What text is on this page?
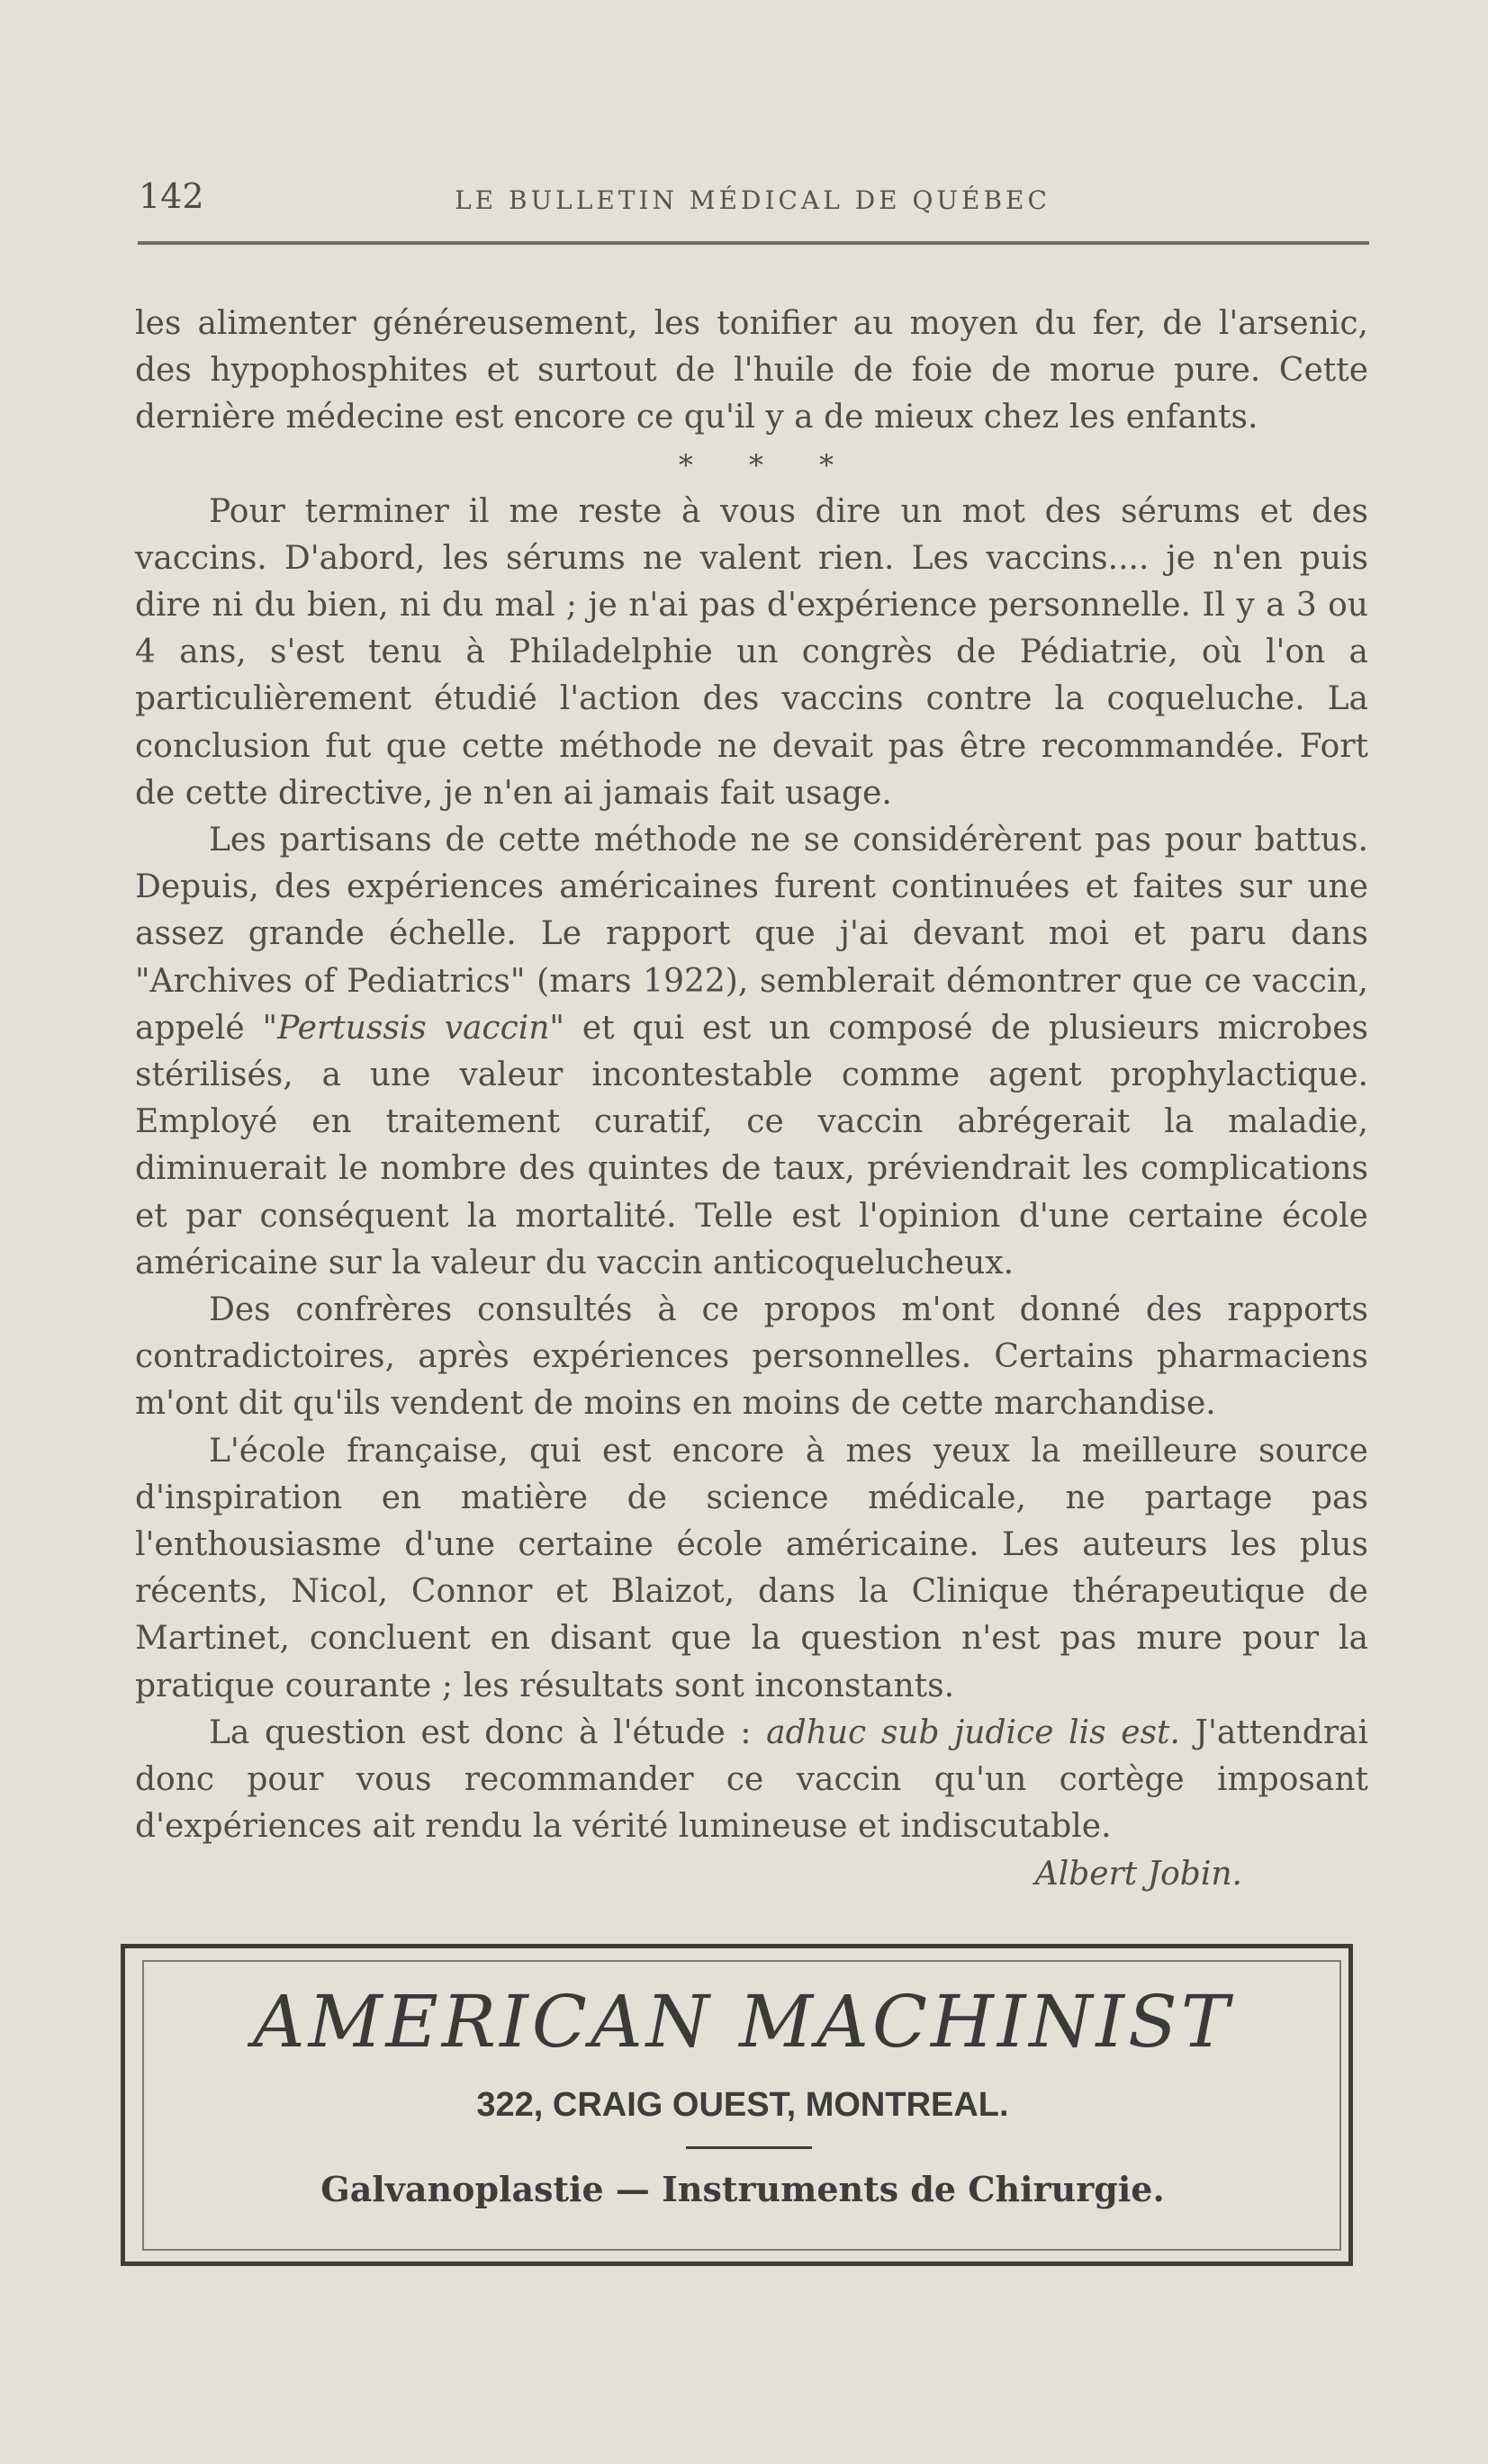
142	LE BULLETIN MÉDICAL DE QUÉBEC

les alimenter généreusement, les tonifier au moyen du fer, de l'arsenic, des hypophosphites et surtout de l'huile de foie de morue pure. Cette dernière médecine est encore ce qu'il y a de mieux chez les enfants.

* * *

Pour terminer il me reste à vous dire un mot des sérums et des vaccins. D'abord, les sérums ne valent rien. Les vaccins.... je n'en puis dire ni du bien, ni du mal ; je n'ai pas d'expérience personnelle. Il y a 3 ou 4 ans, s'est tenu à Philadelphie un congrès de Pédiatrie, où l'on a particulièrement étudié l'action des vaccins contre la coqueluche. La conclusion fut que cette méthode ne devait pas être recommandée. Fort de cette directive, je n'en ai jamais fait usage.

Les partisans de cette méthode ne se considérèrent pas pour battus. Depuis, des expériences américaines furent continuées et faites sur une assez grande échelle. Le rapport que j'ai devant moi et paru dans "Archives of Pediatrics" (mars 1922), semblerait démontrer que ce vaccin, appelé "Pertussis vaccin" et qui est un composé de plusieurs microbes stérilisés, a une valeur incontestable comme agent prophylactique. Employé en traitement curatif, ce vaccin abrégerait la maladie, diminuerait le nombre des quintes de taux, préviendrait les complications et par conséquent la mortalité. Telle est l'opinion d'une certaine école américaine sur la valeur du vaccin anticoquelucheux.

Des confrères consultés à ce propos m'ont donné des rapports contradictoires, après expériences personnelles. Certains pharmaciens m'ont dit qu'ils vendent de moins en moins de cette marchandise.

L'école française, qui est encore à mes yeux la meilleure source d'inspiration en matière de science médicale, ne partage pas l'enthousiasme d'une certaine école américaine. Les auteurs les plus récents, Nicol, Connor et Blaizot, dans la Clinique thérapeutique de Martinet, concluent en disant que la question n'est pas mure pour la pratique courante ; les résultats sont inconstants.

La question est donc à l'étude : adhuc sub judice lis est. J'attendrai donc pour vous recommander ce vaccin qu'un cortège imposant d'expériences ait rendu la vérité lumineuse et indiscutable.

Albert Jobin.

AMERICAN MACHINIST
322, CRAIG OUEST, MONTREAL.
Galvanoplastie — Instruments de Chirurgie.
